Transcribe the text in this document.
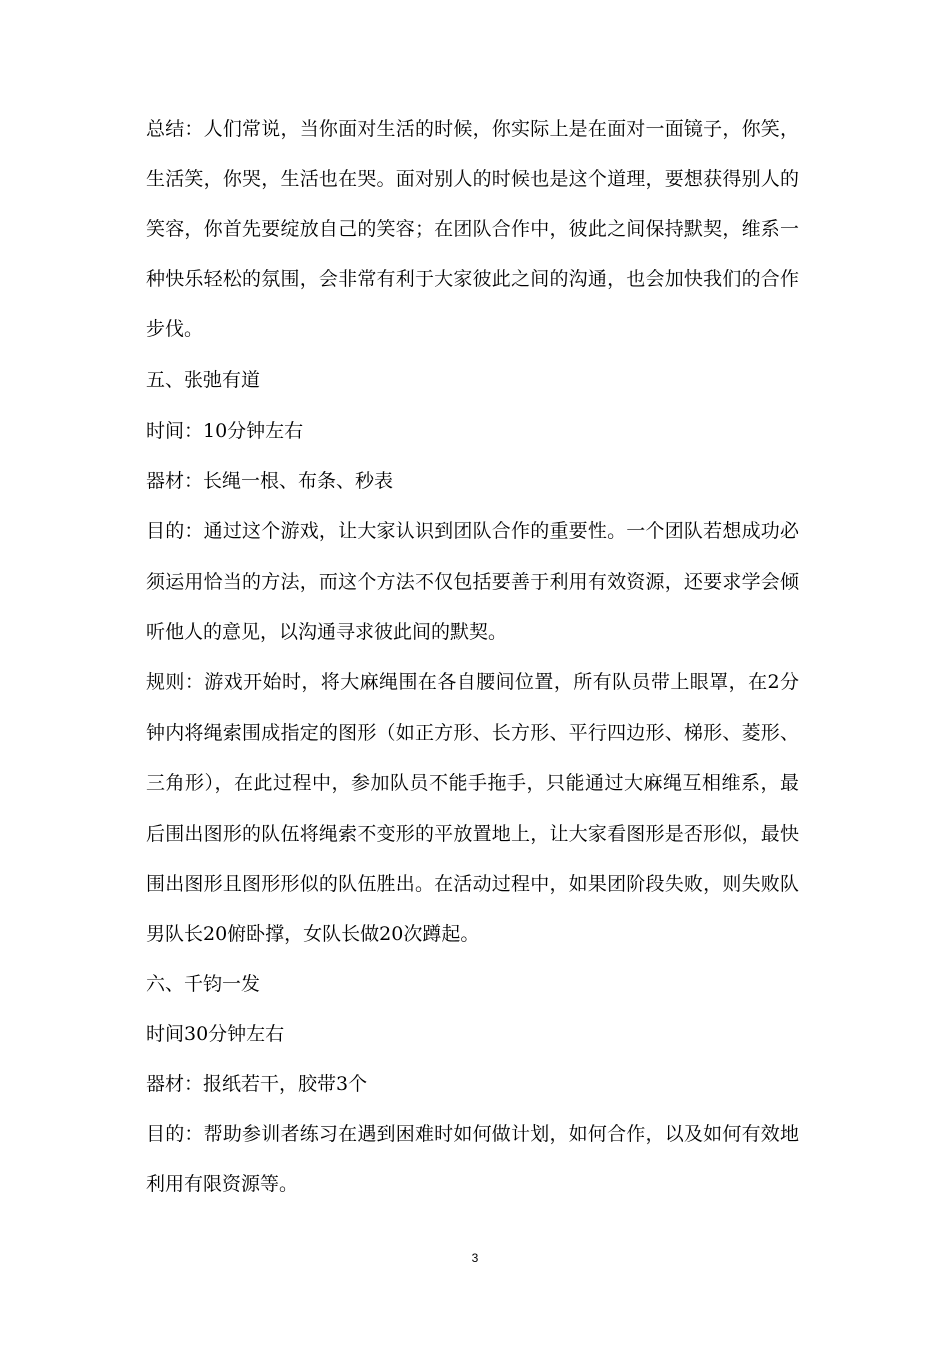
总结：人们常说，当你面对生活的时候，你实际上是在面对一面镜子，你笑，
生活笑，你哭，生活也在哭。面对别人的时候也是这个道理，要想获得别人的
笑容，你首先要绽放自己的笑容；在团队合作中，彼此之间保持默契，维系一
种快乐轻松的氛围，会非常有利于大家彼此之间的沟通，也会加快我们的合作
步伐。
五、张弛有道
时间：10分钟左右
器材：长绳一根、布条、秒表
目的：通过这个游戏，让大家认识到团队合作的重要性。一个团队若想成功必
须运用恰当的方法，而这个方法不仅包括要善于利用有效资源，还要求学会倾
听他人的意见，以沟通寻求彼此间的默契。
规则：游戏开始时，将大麻绳围在各自腰间位置，所有队员带上眼罩，在2分
钟内将绳索围成指定的图形（如正方形、长方形、平行四边形、梯形、菱形、
三角形），在此过程中，参加队员不能手拖手，只能通过大麻绳互相维系，最
后围出图形的队伍将绳索不变形的平放置地上，让大家看图形是否形似，最快
围出图形且图形形似的队伍胜出。在活动过程中，如果团阶段失败，则失败队
男队长20俯卧撑，女队长做20次蹲起。
六、千钧一发
时间30分钟左右
器材：报纸若干，胶带3个
目的：帮助参训者练习在遇到困难时如何做计划，如何合作，以及如何有效地
利用有限资源等。
3
